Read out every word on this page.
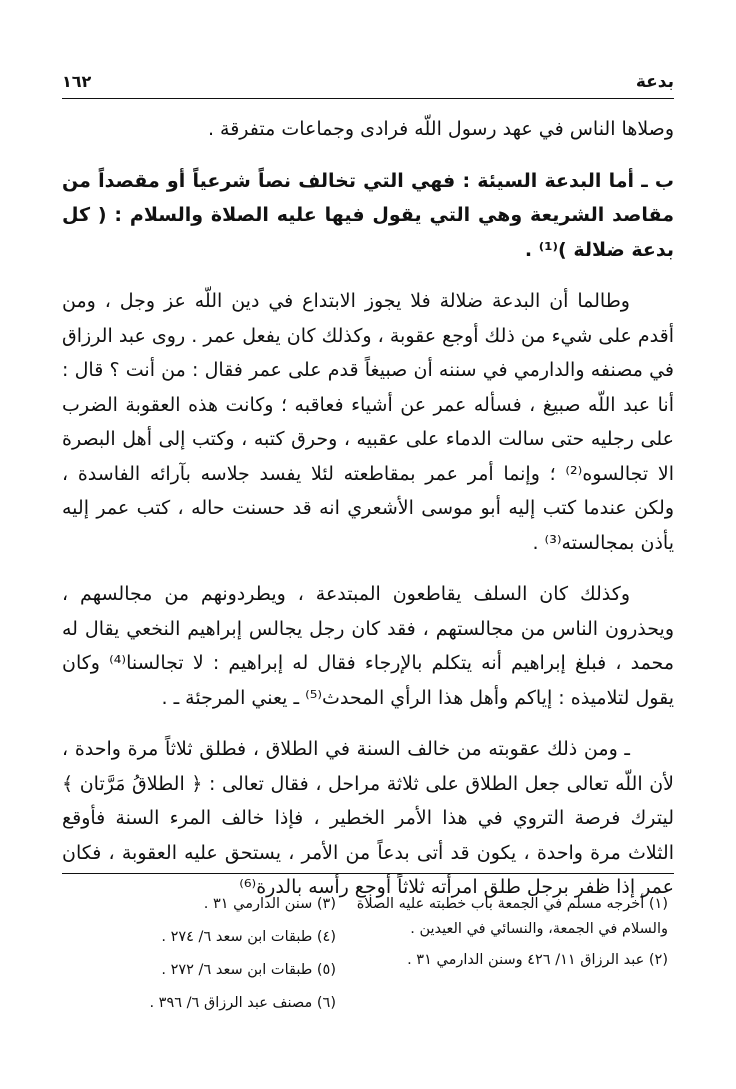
بدعة
١٦٢

وصلاها الناس في عهد رسول اللّه فرادى وجماعات متفرقة .

ب ـ أما البدعة السيئة : فهي التي تخالف نصاً شرعياً أو مقصداً من مقاصد الشريعة وهي التي يقول فيها عليه الصلاة والسلام : ( كل بدعة ضلالة )⁽¹⁾ .

وطالما أن البدعة ضلالة فلا يجوز الابتداع في دين اللّه عز وجل ، ومن أقدم على شيء من ذلك أوجع عقوبة ، وكذلك كان يفعل عمر . روى عبد الرزاق في مصنفه والدارمي في سننه أن صبيغاً قدم على عمر فقال : من أنت ؟ قال : أنا عبد اللّه صبيغ ، فسأله عمر عن أشياء فعاقبه ؛ وكانت هذه العقوبة الضرب على رجليه حتى سالت الدماء على عقبيه ، وحرق كتبه ، وكتب إلى أهل البصرة الا تجالسوه⁽²⁾ ؛ وإنما أمر عمر بمقاطعته لئلا يفسد جلاسه بآرائه الفاسدة ، ولكن عندما كتب إليه أبو موسى الأشعري انه قد حسنت حاله ، كتب عمر إليه يأذن بمجالسته⁽³⁾ .

وكذلك كان السلف يقاطعون المبتدعة ، ويطردونهم من مجالسهم ، ويحذرون الناس من مجالستهم ، فقد كان رجل يجالس إبراهيم النخعي يقال له محمد ، فبلغ إبراهيم أنه يتكلم بالإرجاء فقال له إبراهيم : لا تجالسنا⁽⁴⁾ وكان يقول لتلاميذه : إياكم وأهل هذا الرأي المحدث⁽⁵⁾ ـ يعني المرجئة ـ .

ـ ومن ذلك عقوبته من خالف السنة في الطلاق ، فطلق ثلاثاً مرة واحدة ، لأن اللّه تعالى جعل الطلاق على ثلاثة مراحل ، فقال تعالى : ﴿ الطلاقُ مَرَّتان ﴾ ليترك فرصة التروي في هذا الأمر الخطير ، فإذا خالف المرء السنة فأوقع الثلاث مرة واحدة ، يكون قد أتى بدعاً من الأمر ، يستحق عليه العقوبة ، فكان عمر إذا ظفر برجل طلق امرأته ثلاثاً أوجع رأسه بالدرة⁽⁶⁾

(١) أخرجه مسلم في الجمعة باب خطبته عليه الصلاة والسلام في الجمعة، والنسائي في العيدين .
(٢) عبد الرزاق ١١/ ٤٢٦ وسنن الدارمي ٣١ .
(٣) سنن الدارمي ٣١ .
(٤) طبقات ابن سعد ٦/ ٢٧٤ .
(٥) طبقات ابن سعد ٦/ ٢٧٢ .
(٦) مصنف عبد الرزاق ٦/ ٣٩٦ .
